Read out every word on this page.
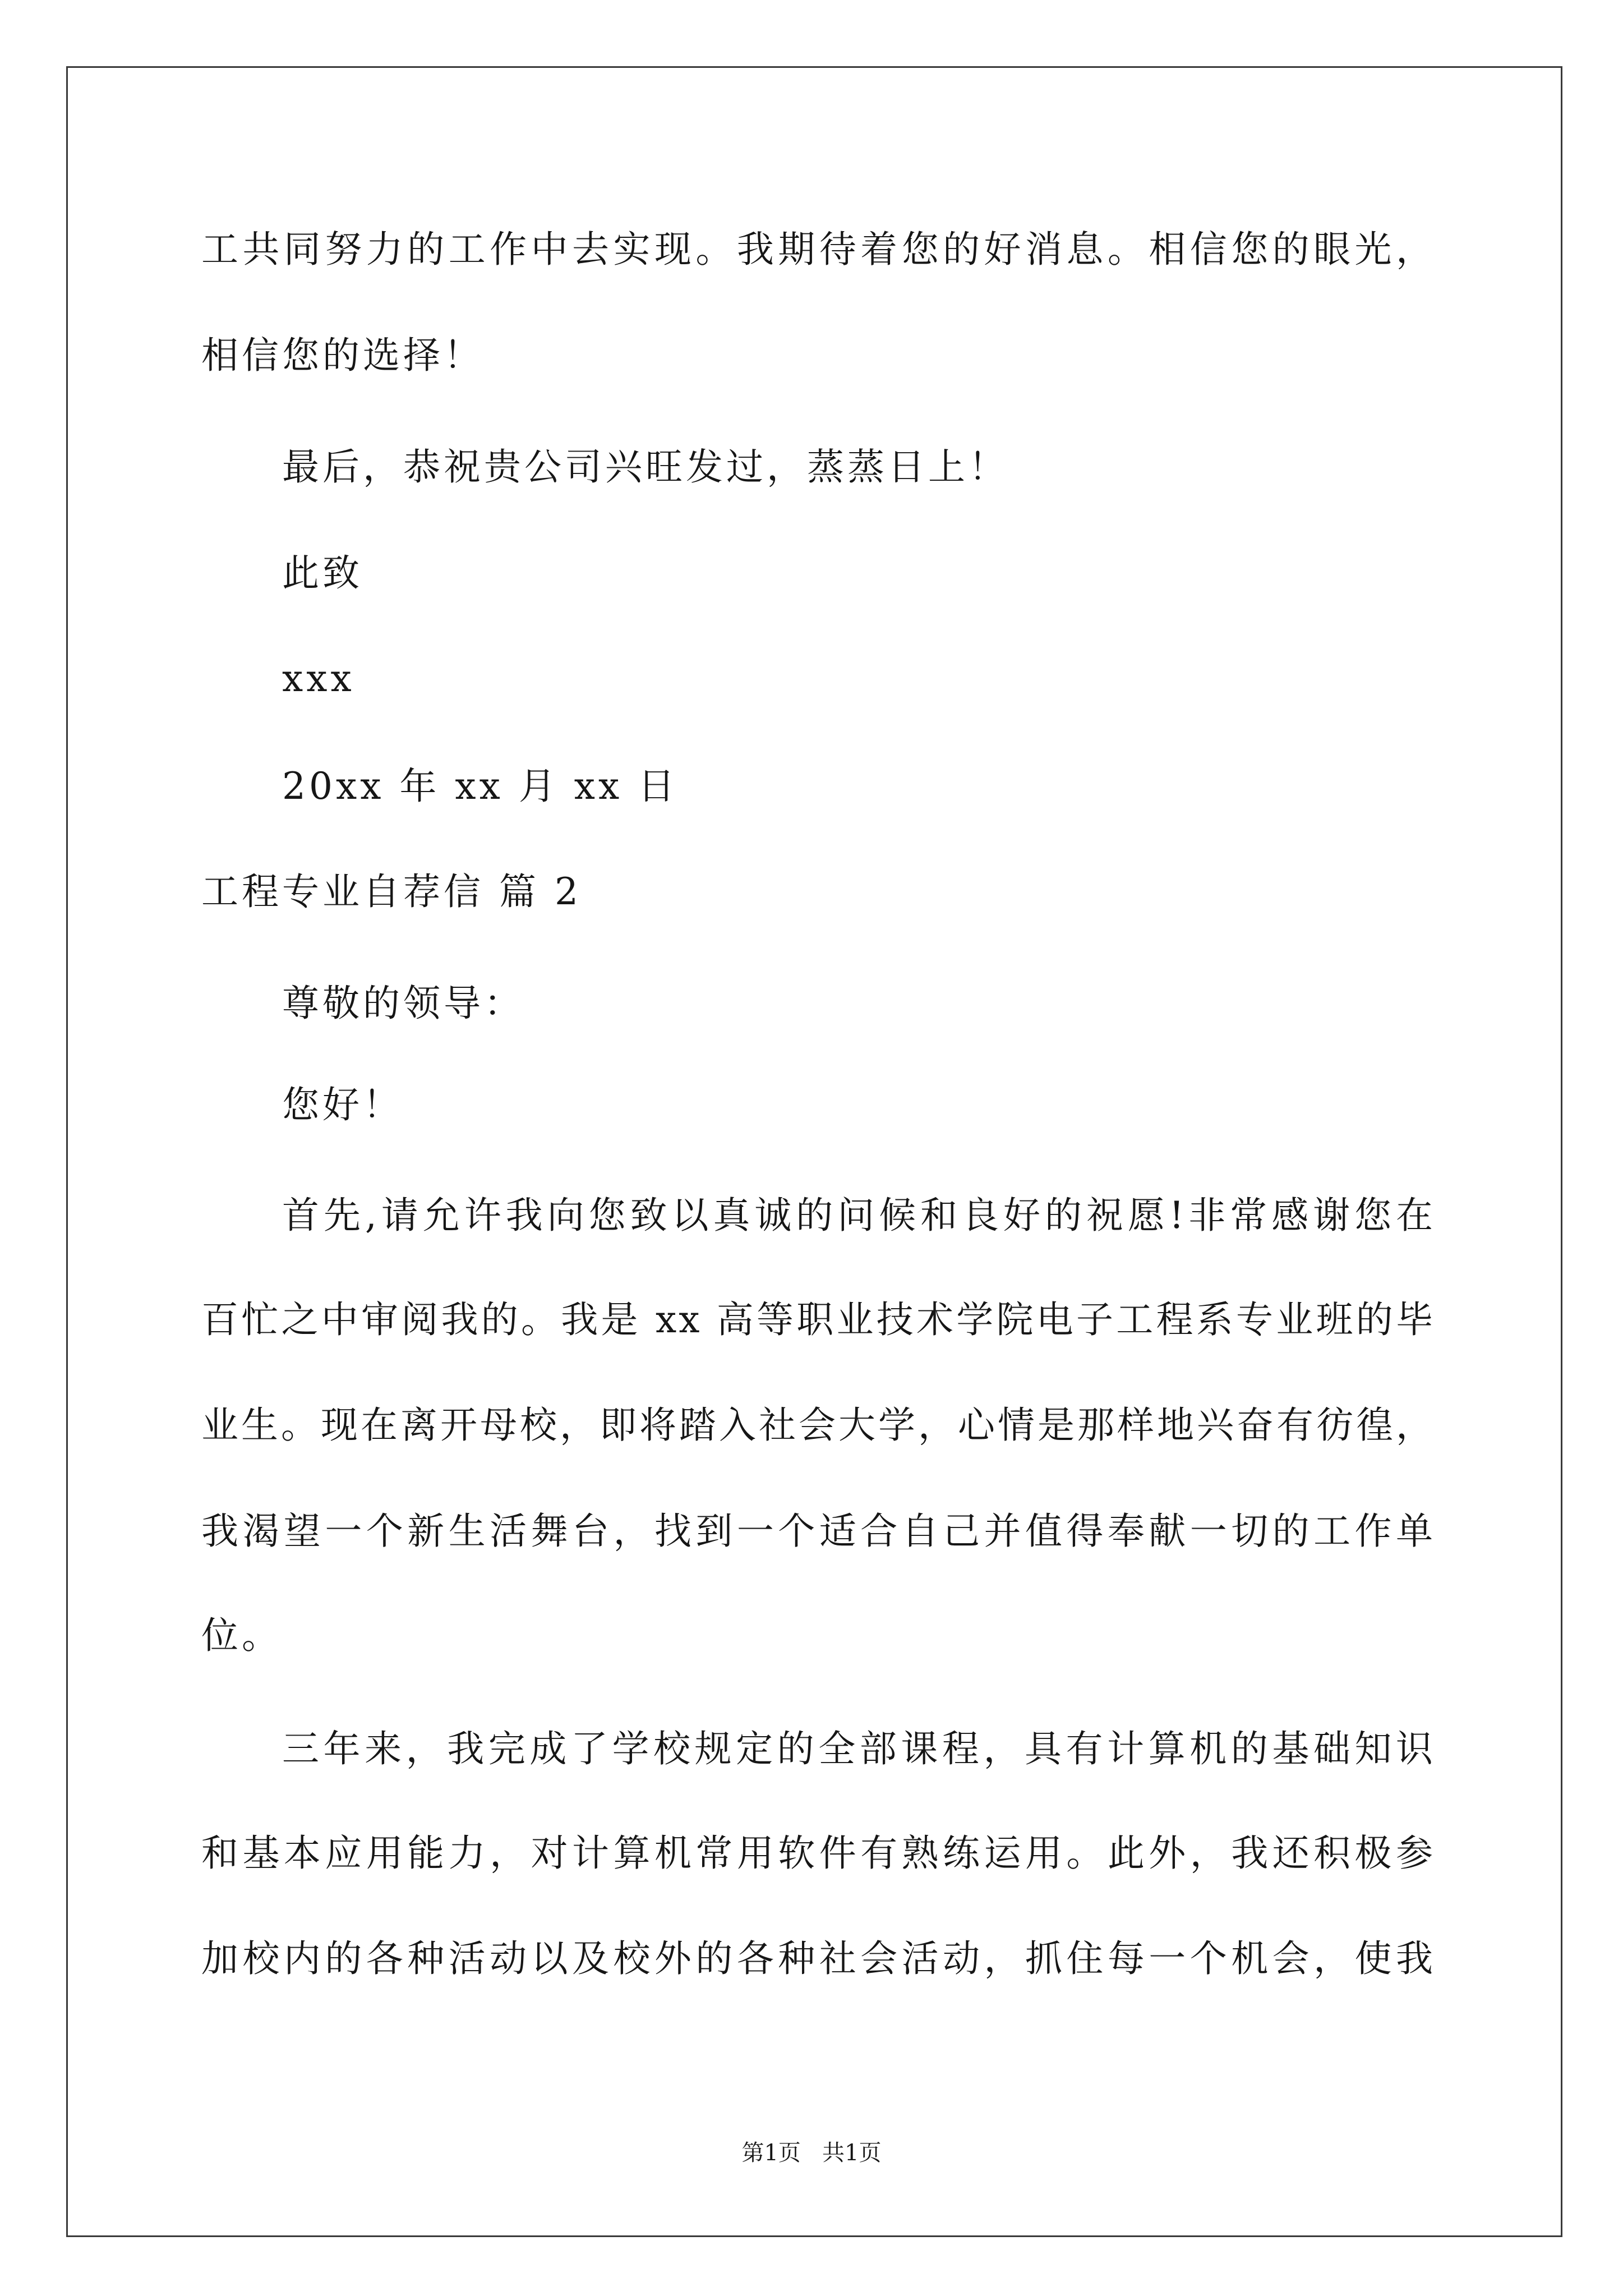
工共同努力的工作中去实现。我期待着您的好消息。相信您的眼光，
相信您的选择！
最后，恭祝贵公司兴旺发过，蒸蒸日上！
此致
xxx
20xx 年 xx 月 xx 日
工程专业自荐信 篇 2
尊敬的领导：
您好！
首先,请允许我向您致以真诚的问候和良好的祝愿!非常感谢您在
百忙之中审阅我的。我是 xx 高等职业技术学院电子工程系专业班的毕
业生。现在离开母校，即将踏入社会大学，心情是那样地兴奋有彷徨，
我渴望一个新生活舞台，找到一个适合自己并值得奉献一切的工作单
位。
三年来，我完成了学校规定的全部课程，具有计算机的基础知识
和基本应用能力，对计算机常用软件有熟练运用。此外，我还积极参
加校内的各种活动以及校外的各种社会活动，抓住每一个机会，使我
第1页   共1页
